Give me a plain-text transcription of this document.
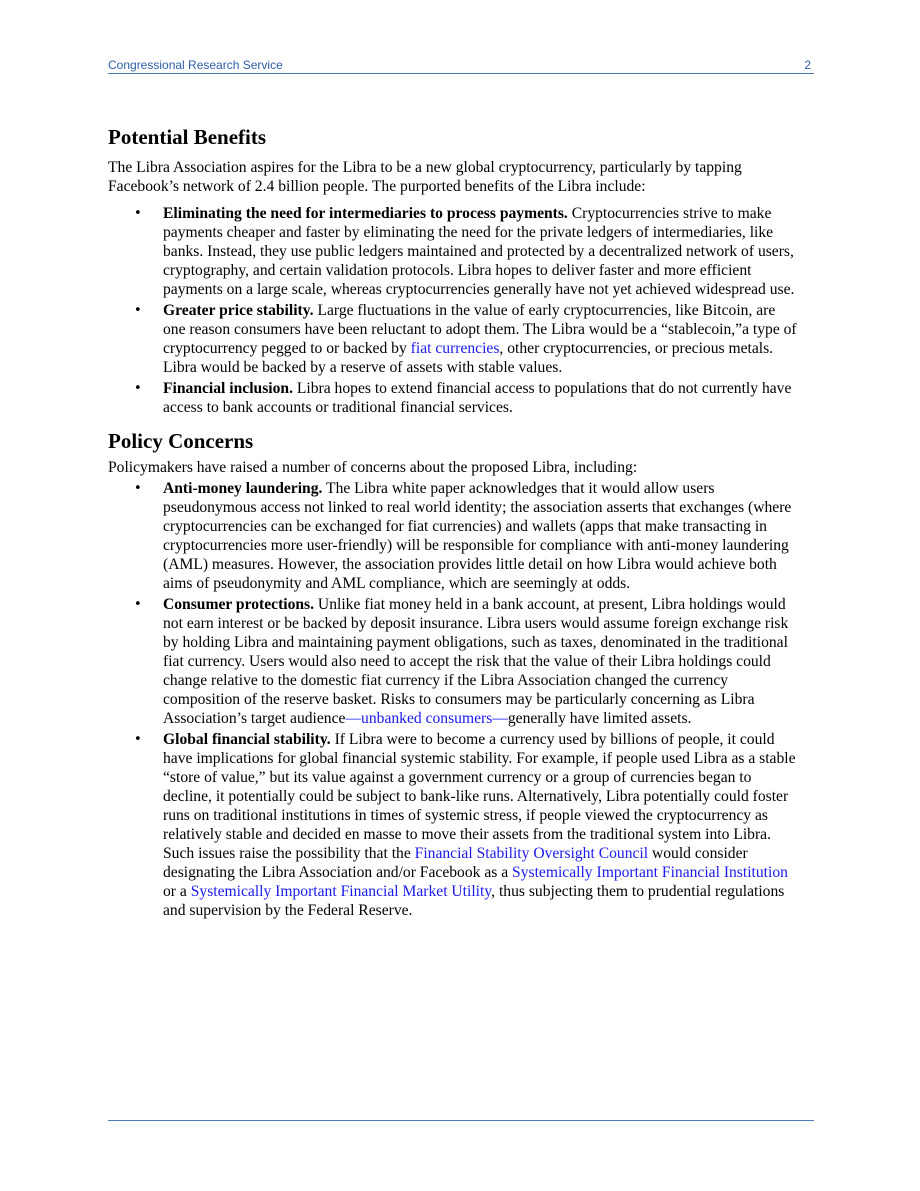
Congressional Research Service	2
Potential Benefits

The Libra Association aspires for the Libra to be a new global cryptocurrency, particularly by tapping Facebook’s network of 2.4 billion people. The purported benefits of the Libra include:

• Eliminating the need for intermediaries to process payments. Cryptocurrencies strive to make payments cheaper and faster by eliminating the need for the private ledgers of intermediaries, like banks. Instead, they use public ledgers maintained and protected by a decentralized network of users, cryptography, and certain validation protocols. Libra hopes to deliver faster and more efficient payments on a large scale, whereas cryptocurrencies generally have not yet achieved widespread use.
• Greater price stability. Large fluctuations in the value of early cryptocurrencies, like Bitcoin, are one reason consumers have been reluctant to adopt them. The Libra would be a “stablecoin,”a type of cryptocurrency pegged to or backed by fiat currencies, other cryptocurrencies, or precious metals. Libra would be backed by a reserve of assets with stable values.
• Financial inclusion. Libra hopes to extend financial access to populations that do not currently have access to bank accounts or traditional financial services.
Policy Concerns

Policymakers have raised a number of concerns about the proposed Libra, including:

• Anti-money laundering. The Libra white paper acknowledges that it would allow users pseudonymous access not linked to real world identity; the association asserts that exchanges (where cryptocurrencies can be exchanged for fiat currencies) and wallets (apps that make transacting in cryptocurrencies more user-friendly) will be responsible for compliance with anti-money laundering (AML) measures. However, the association provides little detail on how Libra would achieve both aims of pseudonymity and AML compliance, which are seemingly at odds.
• Consumer protections. Unlike fiat money held in a bank account, at present, Libra holdings would not earn interest or be backed by deposit insurance. Libra users would assume foreign exchange risk by holding Libra and maintaining payment obligations, such as taxes, denominated in the traditional fiat currency. Users would also need to accept the risk that the value of their Libra holdings could change relative to the domestic fiat currency if the Libra Association changed the currency composition of the reserve basket. Risks to consumers may be particularly concerning as Libra Association’s target audience—unbanked consumers—generally have limited assets.
• Global financial stability. If Libra were to become a currency used by billions of people, it could have implications for global financial systemic stability. For example, if people used Libra as a stable “store of value,” but its value against a government currency or a group of currencies began to decline, it potentially could be subject to bank-like runs. Alternatively, Libra potentially could foster runs on traditional institutions in times of systemic stress, if people viewed the cryptocurrency as relatively stable and decided en masse to move their assets from the traditional system into Libra. Such issues raise the possibility that the Financial Stability Oversight Council would consider designating the Libra Association and/or Facebook as a Systemically Important Financial Institution or a Systemically Important Financial Market Utility, thus subjecting them to prudential regulations and supervision by the Federal Reserve.
